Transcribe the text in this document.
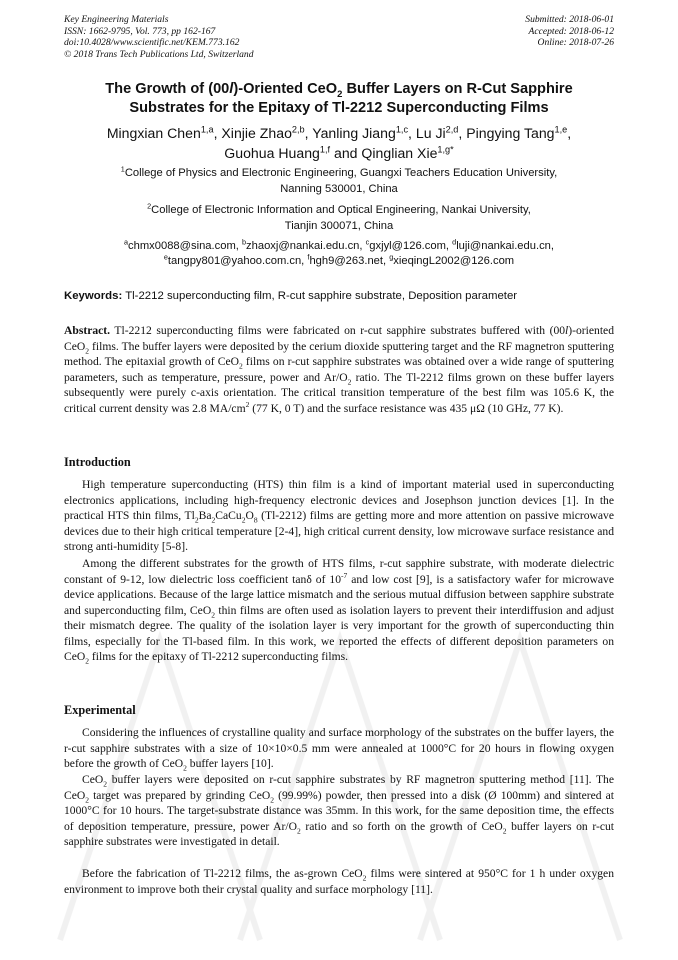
Key Engineering Materials
ISSN: 1662-9795, Vol. 773, pp 162-167
doi:10.4028/www.scientific.net/KEM.773.162
© 2018 Trans Tech Publications Ltd, Switzerland
Submitted: 2018-06-01
Accepted: 2018-06-12
Online: 2018-07-26
The Growth of (00l)-Oriented CeO$_2$ Buffer Layers on R-Cut Sapphire
Substrates for the Epitaxy of Tl-2212 Superconducting Films
Mingxian Chen$^{1,a}$, Xinjie Zhao$^{2,b}$, Yanling Jiang$^{1,c}$, Lu Ji$^{2,d}$, Pingying Tang$^{1,e}$,
Guohua Huang$^{1,f}$ and Qinglian Xie$^{1,g*}$
$^1$College of Physics and Electronic Engineering, Guangxi Teachers Education University,
Nanning 530001, China
$^2$College of Electronic Information and Optical Engineering, Nankai University,
Tianjin 300071, China
$^a$chmx0088@sina.com, $^b$zhaoxj@nankai.edu.cn, $^c$gxjyl@126.com, $^d$luji@nankai.edu.cn,
$^e$tangpy801@yahoo.com.cn, $^f$hgh9@263.net, $^g$xieqingL2002@126.com
Keywords: Tl-2212 superconducting film, R-cut sapphire substrate, Deposition parameter
Abstract. Tl-2212 superconducting films were fabricated on r-cut sapphire substrates buffered with (00l)-oriented CeO$_2$ films. The buffer layers were deposited by the cerium dioxide sputtering target and the RF magnetron sputtering method. The epitaxial growth of CeO$_2$ films on r-cut sapphire substrates was obtained over a wide range of sputtering parameters, such as temperature, pressure, power and $Ar/O_2$ ratio. The Tl-2212 films grown on these buffer layers subsequently were purely c-axis orientation. The critical transition temperature of the best film was 105.6 K, the critical current density was 2.8 $MA/cm^2$ (77 K, 0 T) and the surface resistance was 435 μΩ (10 GHz, 77 K).
Introduction
High temperature superconducting (HTS) thin film is a kind of important material used in superconducting electronics applications, including high-frequency electronic devices and Josephson junction devices [1]. In the practical HTS thin films, $Tl_2Ba_2CaCu_2O_8$ (Tl-2212) films are getting more and more attention on passive microwave devices due to their high critical temperature [2-4], high critical current density, low microwave surface resistance and strong anti-humidity [5-8].
Among the different substrates for the growth of HTS films, r-cut sapphire substrate, with moderate dielectric constant of 9-12, low dielectric loss coefficient tanδ of $10^{-7}$ and low cost [9], is a satisfactory wafer for microwave device applications. Because of the large lattice mismatch and the serious mutual diffusion between sapphire substrate and superconducting film, CeO$_2$ thin films are often used as isolation layers to prevent their interdiffusion and adjust their mismatch degree. The quality of the isolation layer is very important for the growth of superconducting thin films, especially for the Tl-based film. In this work, we reported the effects of different deposition parameters on CeO$_2$ films for the epitaxy of Tl-2212 superconducting films.
Experimental
Considering the influences of crystalline quality and surface morphology of the substrates on the buffer layers, the r-cut sapphire substrates with a size of 10×10×0.5 mm were annealed at 1000°C for 20 hours in flowing oxygen before the growth of CeO$_2$ buffer layers [10].
CeO$_2$ buffer layers were deposited on r-cut sapphire substrates by RF magnetron sputtering method [11]. The CeO$_2$ target was prepared by grinding CeO$_2$ (99.99%) powder, then pressed into a disk (Ø 100mm) and sintered at 1000°C for 10 hours. The target-substrate distance was 35mm. In this work, for the same deposition time, the effects of deposition temperature, pressure, power $Ar/O_2$ ratio and so forth on the growth of CeO$_2$ buffer layers on r-cut sapphire substrates were investigated in detail.
Before the fabrication of Tl-2212 films, the as-grown CeO$_2$ films were sintered at 950°C for 1 h under oxygen environment to improve both their crystal quality and surface morphology [11].
